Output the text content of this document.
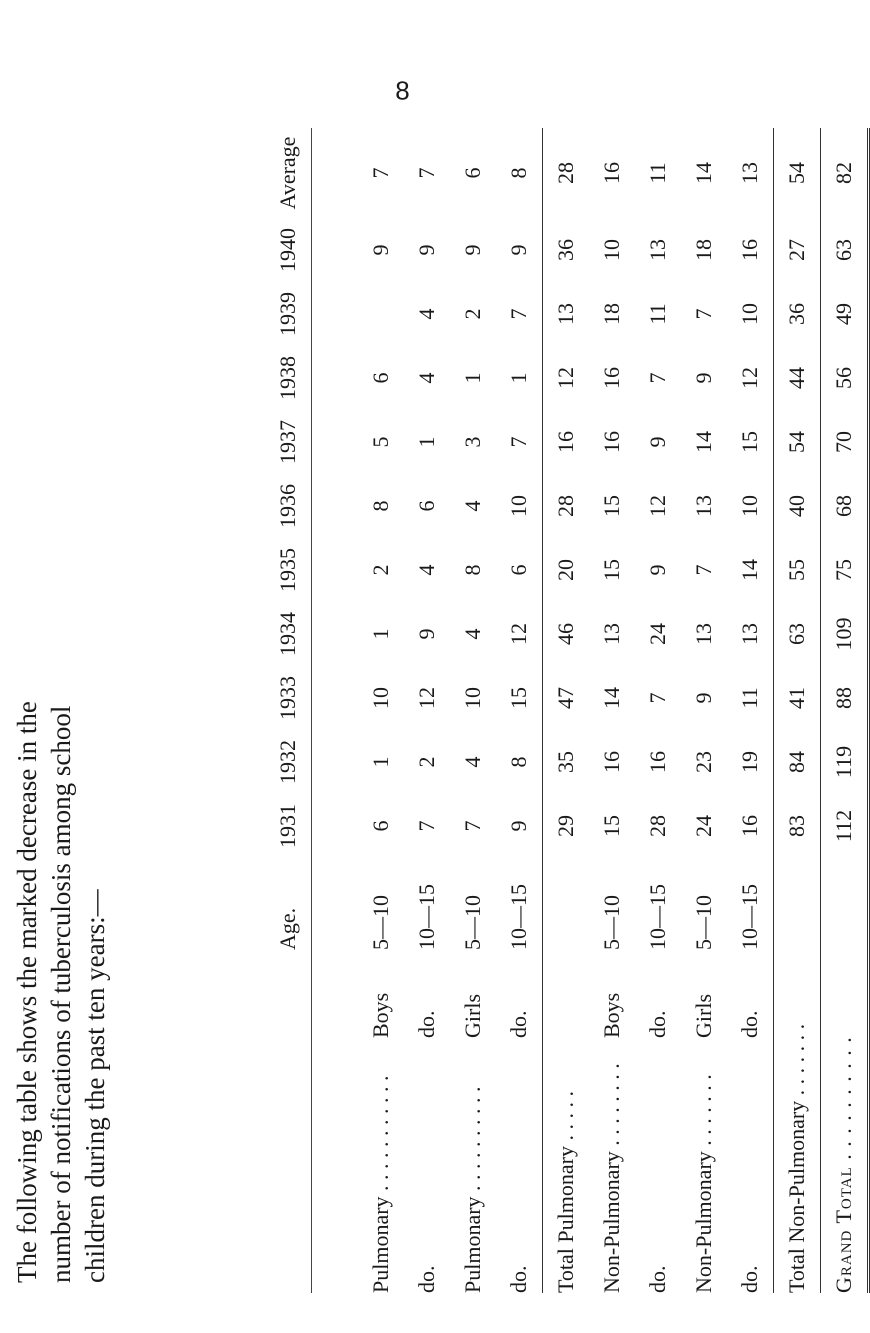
The following table shows the marked decrease in the number of notifications of tuberculosis among school children during the past ten years:—
8
		Age.	1931	1932	1933	1934	1935	1936	1937	1938	1939	1940	Average

Pulmonary . . . . . . . . . . .	Boys	5—10	6	1	10	1	2	8	5	6		9	7
do.	do.	10—15	7	2	12	9	4	6	1	4	4	9	7
Pulmonary . . . . . . . . . .	Girls	5—10	7	4	10	4	8	4	3	1	2	9	6
do.	do.	10—15	9	8	15	12	6	10	7	1	7	9	8
Total Pulmonary . . . . .			29	35	47	46	20	28	16	12	13	36	28
Non-Pulmonary . . . . . . . .	Boys	5—10	15	16	14	13	15	15	16	16	18	10	16
do.	do.	10—15	28	16	7	24	9	12	9	7	11	13	11
Non-Pulmonary . . . . . . .	Girls	5—10	24	23	9	13	7	13	14	9	7	18	14
do.	do.	10—15	16	19	11	13	14	10	15	12	10	16	13
Total Non-Pulmonary . . . . . . .			83	84	41	63	55	40	54	44	36	27	54
Grand Total . . . . . . . . . .			112	119	88	109	75	68	70	56	49	63	82
